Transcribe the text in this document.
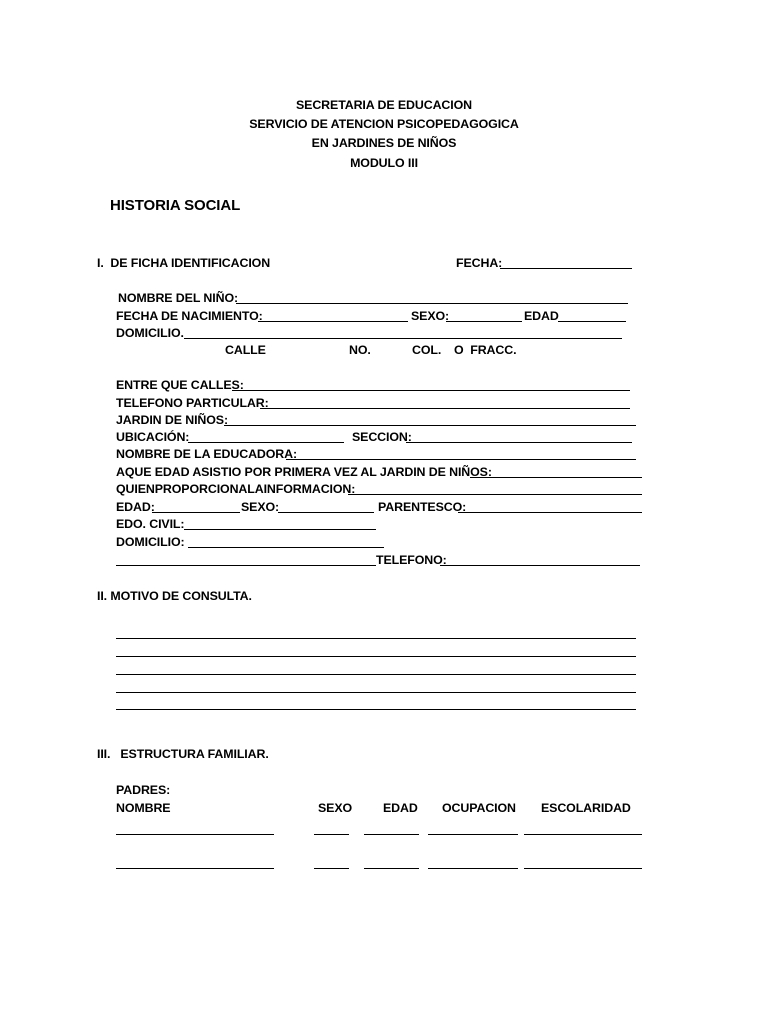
SECRETARIA DE EDUCACION
SERVICIO DE ATENCION PSICOPEDAGOGICA
EN JARDINES DE NIÑOS
MODULO III
HISTORIA SOCIAL
I.  DE FICHA IDENTIFICACION	FECHA:
NOMBRE DEL NIÑO:
FECHA DE NACIMIENTO:	SEXO:	EDAD
DOMICILIO.
CALLE	NO.	COL. O  FRACC.
ENTRE QUE CALLES:
TELEFONO PARTICULAR:
JARDIN DE NIÑOS:
UBICACIÓN:	SECCION:
NOMBRE DE LA EDUCADORA:
AQUE EDAD ASISTIO POR PRIMERA VEZ AL JARDIN DE NIÑOS:
QUIENPROPORCIONALAINFORMACION:
EDAD:	SEXO:	PARENTESCO:
EDO. CIVIL:
DOMICILIO:
TELEFONO:
II. MOTIVO DE CONSULTA.
III.   ESTRUCTURA FAMILIAR.
PADRES:
NOMBRE	SEXO EDAD OCUPACION ESCOLARIDAD
